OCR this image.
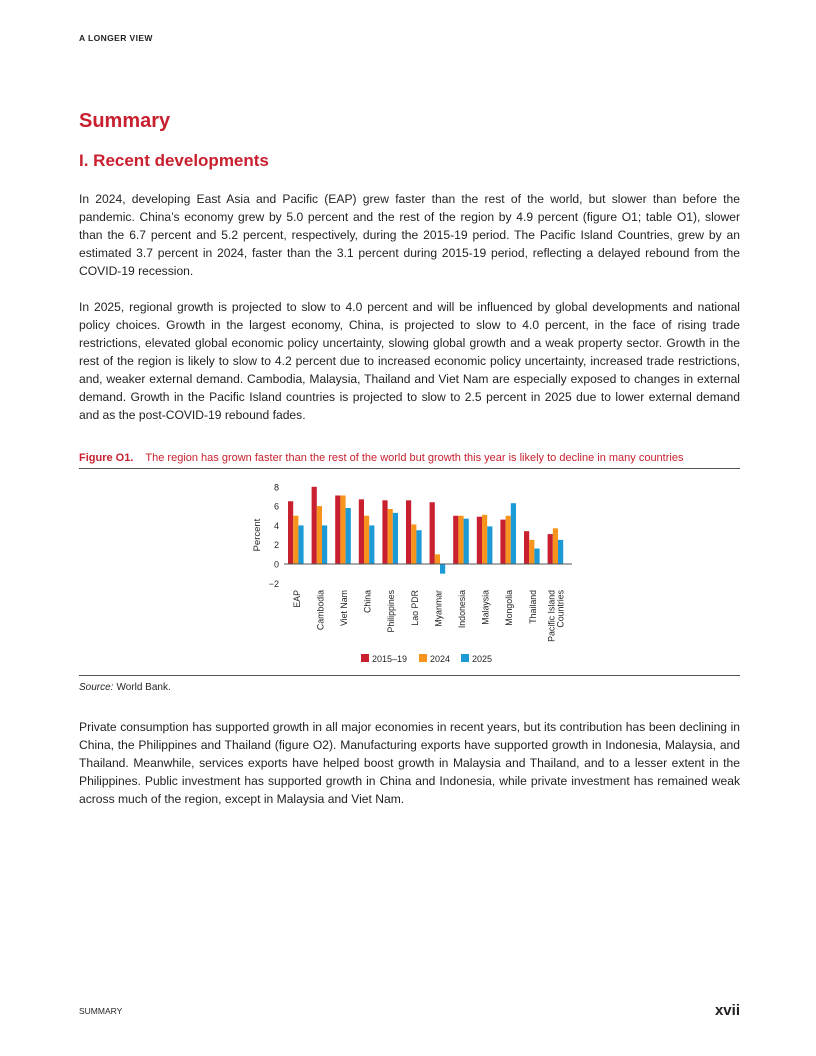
A LONGER VIEW
Summary
I. Recent developments

In 2024, developing East Asia and Pacific (EAP) grew faster than the rest of the world, but slower than before the pandemic. China’s economy grew by 5.0 percent and the rest of the region by 4.9 percent (figure O1; table O1), slower than the 6.7 percent and 5.2 percent, respectively, during the 2015-19 period. The Pacific Island Countries, grew by an estimated 3.7 percent in 2024, faster than the 3.1 percent during 2015-19 period, reflecting a delayed rebound from the COVID-19 recession.

In 2025, regional growth is projected to slow to 4.0 percent and will be influenced by global developments and national policy choices. Growth in the largest economy, China, is projected to slow to 4.0 percent, in the face of rising trade restrictions, elevated global economic policy uncertainty, slowing global growth and a weak property sector. Growth in the rest of the region is likely to slow to 4.2 percent due to increased economic policy uncertainty, increased trade restrictions, and, weaker external demand. Cambodia, Malaysia, Thailand and Viet Nam are especially exposed to changes in external demand. Growth in the Pacific Island countries is projected to slow to 2.5 percent in 2025 due to lower external demand and as the post-COVID-19 rebound fades.

Figure O1. The region has grown faster than the rest of the world but growth this year is likely to decline in many countries
8
6
4
2
0
−2
Percent
EAP Cambodia Viet Nam China Philippines Lao PDR Myanmar Indonesia Malaysia Mongolia Thailand Pacific Island Countries
2015–19	2024 2025
Source: World Bank.

Private consumption has supported growth in all major economies in recent years, but its contribution has been declining in China, the Philippines and Thailand (figure O2). Manufacturing exports have supported growth in Indonesia, Malaysia, and Thailand. Meanwhile, services exports have helped boost growth in Malaysia and Thailand, and to a lesser extent in the Philippines. Public investment has supported growth in China and Indonesia, while private investment has remained weak across much of the region, except in Malaysia and Viet Nam.

SUMMARY	xvii
